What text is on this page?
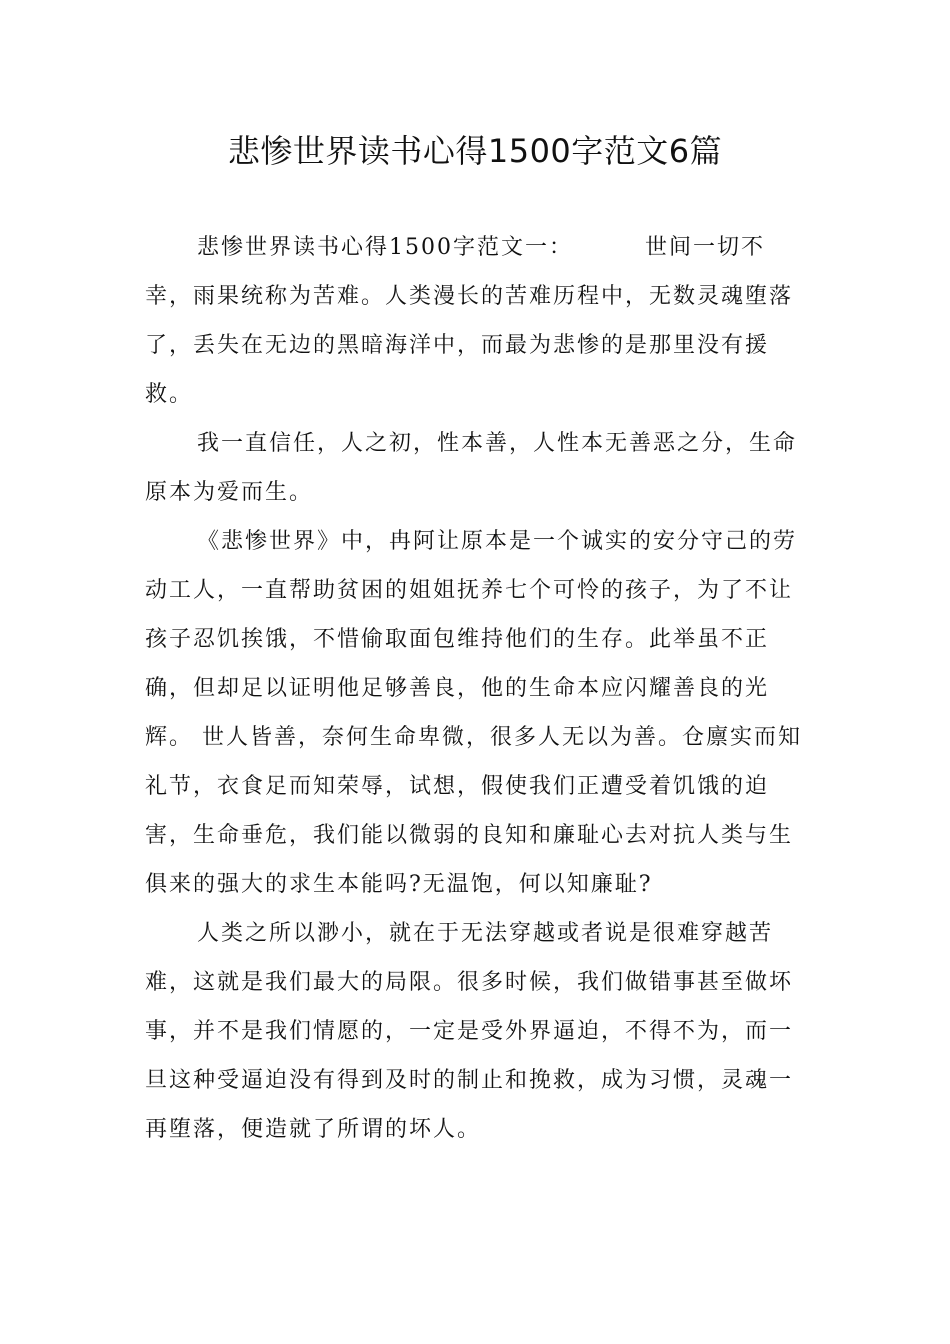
悲惨世界读书心得1500字范文6篇

悲惨世界读书心得1500字范文一：	世间一切不幸，雨果统称为苦难。人类漫长的苦难历程中，无数灵魂堕落了，丢失在无边的黑暗海洋中，而最为悲惨的是那里没有援救。

我一直信任，人之初，性本善，人性本无善恶之分，生命原本为爱而生。

《悲惨世界》中，冉阿让原本是一个诚实的安分守己的劳动工人，一直帮助贫困的姐姐抚养七个可怜的孩子，为了不让孩子忍饥挨饿，不惜偷取面包维持他们的生存。此举虽不正确，但却足以证明他足够善良，他的生命本应闪耀善良的光辉。 世人皆善，奈何生命卑微，很多人无以为善。仓廪实而知礼节，衣食足而知荣辱，试想，假使我们正遭受着饥饿的迫害，生命垂危，我们能以微弱的良知和廉耻心去对抗人类与生俱来的强大的求生本能吗?无温饱，何以知廉耻?

人类之所以渺小，就在于无法穿越或者说是很难穿越苦难，这就是我们最大的局限。很多时候，我们做错事甚至做坏事，并不是我们情愿的，一定是受外界逼迫，不得不为，而一旦这种受逼迫没有得到及时的制止和挽救，成为习惯，灵魂一再堕落，便造就了所谓的坏人。
